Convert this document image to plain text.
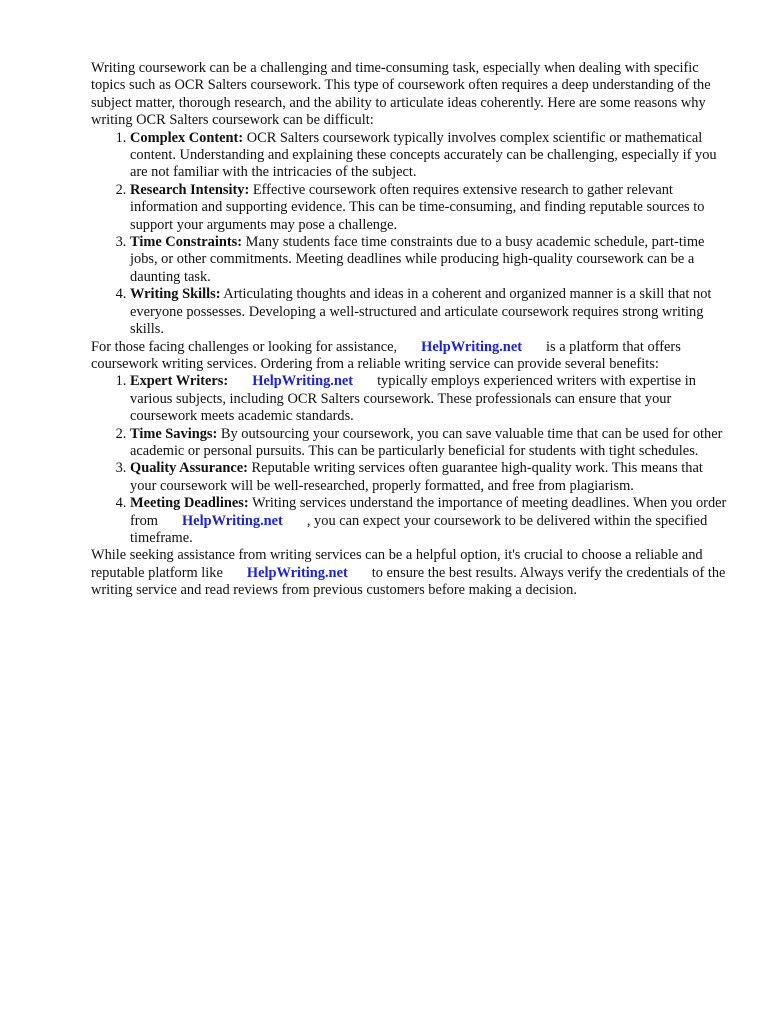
Writing coursework can be a challenging and time-consuming task, especially when dealing with specific topics such as OCR Salters coursework. This type of coursework often requires a deep understanding of the subject matter, thorough research, and the ability to articulate ideas coherently. Here are some reasons why writing OCR Salters coursework can be difficult:

1. Complex Content: OCR Salters coursework typically involves complex scientific or mathematical content. Understanding and explaining these concepts accurately can be challenging, especially if you are not familiar with the intricacies of the subject.
2. Research Intensity: Effective coursework often requires extensive research to gather relevant information and supporting evidence. This can be time-consuming, and finding reputable sources to support your arguments may pose a challenge.
3. Time Constraints: Many students face time constraints due to a busy academic schedule, part-time jobs, or other commitments. Meeting deadlines while producing high-quality coursework can be a daunting task.
4. Writing Skills: Articulating thoughts and ideas in a coherent and organized manner is a skill that not everyone possesses. Developing a well-structured and articulate coursework requires strong writing skills.

For those facing challenges or looking for assistance, HelpWriting.net is a platform that offers coursework writing services. Ordering from a reliable writing service can provide several benefits:

1. Expert Writers: HelpWriting.net typically employs experienced writers with expertise in various subjects, including OCR Salters coursework. These professionals can ensure that your coursework meets academic standards.
2. Time Savings: By outsourcing your coursework, you can save valuable time that can be used for other academic or personal pursuits. This can be particularly beneficial for students with tight schedules.
3. Quality Assurance: Reputable writing services often guarantee high-quality work. This means that your coursework will be well-researched, properly formatted, and free from plagiarism.
4. Meeting Deadlines: Writing services understand the importance of meeting deadlines. When you order from HelpWriting.net , you can expect your coursework to be delivered within the specified timeframe.

While seeking assistance from writing services can be a helpful option, it's crucial to choose a reliable and reputable platform like HelpWriting.net to ensure the best results. Always verify the credentials of the writing service and read reviews from previous customers before making a decision.
